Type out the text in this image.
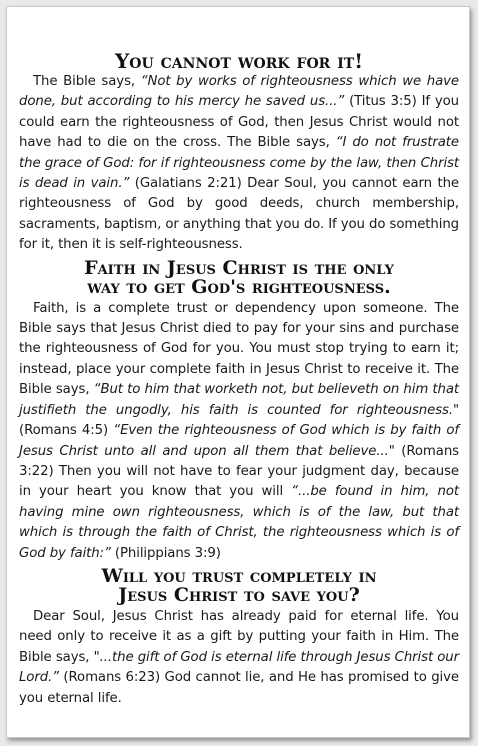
You cannot work for it!

The Bible says, “Not by works of righteousness which we have done, but according to his mercy he saved us...” (Titus 3:5) If you could earn the righteousness of God, then Jesus Christ would not have had to die on the cross. The Bible says, “I do not frustrate the grace of God: for if righteousness come by the law, then Christ is dead in vain.” (Galatians 2:21) Dear Soul, you cannot earn the righteousness of God by good deeds, church membership, sacraments, baptism, or anything that you do. If you do something for it, then it is self-righteousness.

Faith in Jesus Christ is the only
way to get God's righteousness.

Faith, is a complete trust or dependency upon someone. The Bible says that Jesus Christ died to pay for your sins and purchase the righteousness of God for you. You must stop trying to earn it; instead, place your complete faith in Jesus Christ to receive it. The Bible says, “But to him that worketh not, but believeth on him that justifieth the ungodly, his faith is counted for righteousness." (Romans 4:5) “Even the righteousness of God which is by faith of Jesus Christ unto all and upon all them that believe..." (Romans 3:22) Then you will not have to fear your judgment day, because in your heart you know that you will “...be found in him, not having mine own righteousness, which is of the law, but that which is through the faith of Christ, the righteousness which is of God by faith:” (Philippians 3:9)

Will you trust completely in
Jesus Christ to save you?

Dear Soul, Jesus Christ has already paid for eternal life. You need only to receive it as a gift by putting your faith in Him. The Bible says, "...the gift of God is eternal life through Jesus Christ our Lord.” (Romans 6:23) God cannot lie, and He has promised to give you eternal life.
